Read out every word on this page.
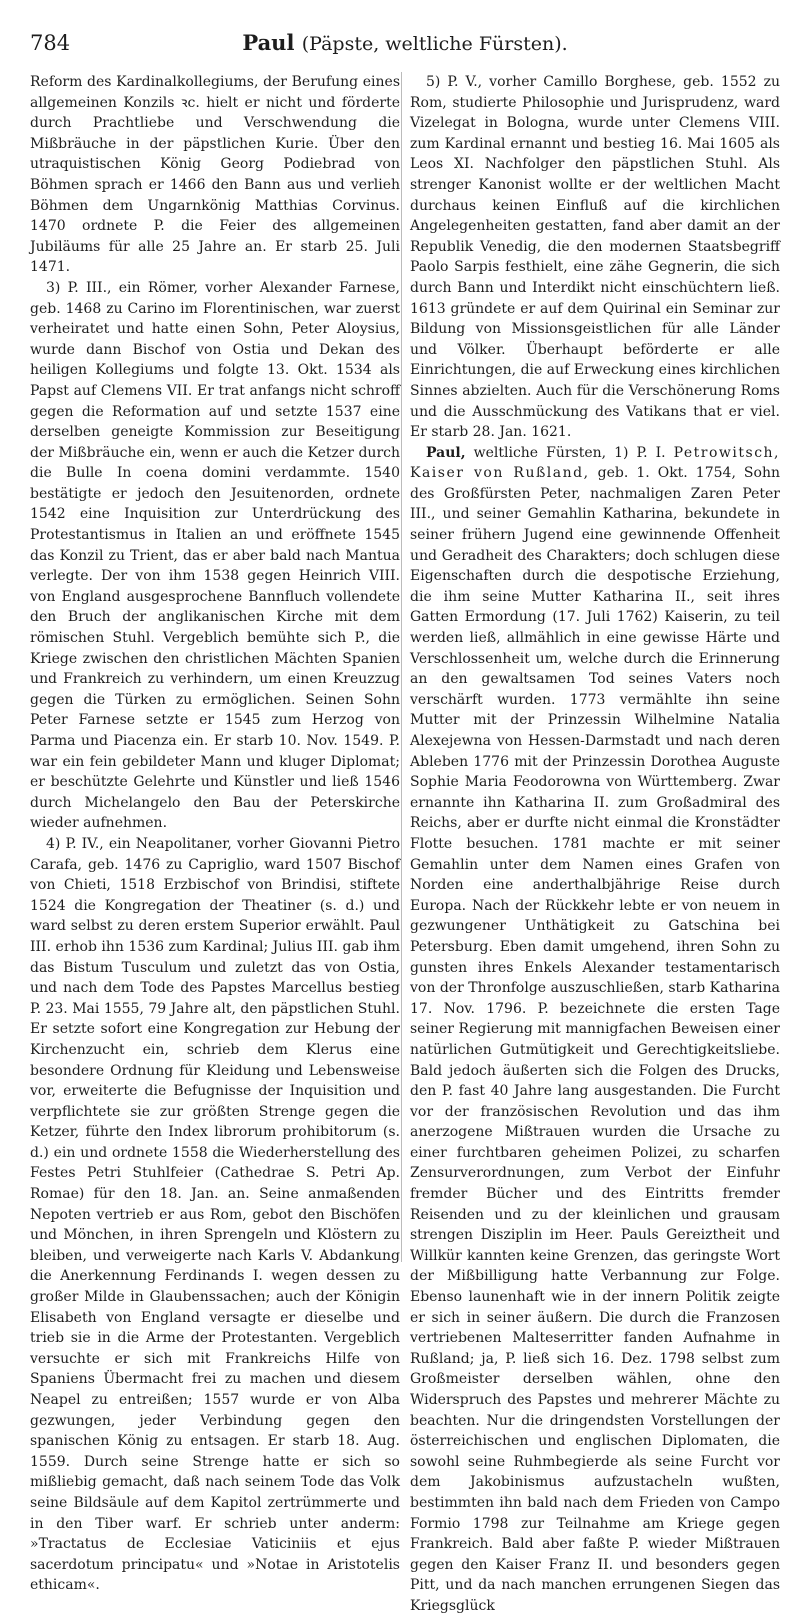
784	Paul (Päpste, weltliche Fürsten).

Reform des Kardinalkollegiums, der Berufung eines allgemeinen Konzils ꝛc. hielt er nicht und förderte durch Prachtliebe und Verschwendung die Mißbräuche in der päpstlichen Kurie. Über den utraquistischen König Georg Podiebrad von Böhmen sprach er 1466 den Bann aus und verlieh Böhmen dem Ungarnkönig Matthias Corvinus. 1470 ordnete P. die Feier des allgemeinen Jubiläums für alle 25 Jahre an. Er starb 25. Juli 1471.

3) P. III., ein Römer, vorher Alexander Farnese, geb. 1468 zu Carino im Florentinischen, war zuerst verheiratet und hatte einen Sohn, Peter Aloysius, wurde dann Bischof von Ostia und Dekan des heiligen Kollegiums und folgte 13. Okt. 1534 als Papst auf Clemens VII. Er trat anfangs nicht schroff gegen die Reformation auf und setzte 1537 eine derselben geneigte Kommission zur Beseitigung der Mißbräuche ein, wenn er auch die Ketzer durch die Bulle In coena domini verdammte. 1540 bestätigte er jedoch den Jesuitenorden, ordnete 1542 eine Inquisition zur Unterdrückung des Protestantismus in Italien an und eröffnete 1545 das Konzil zu Trient, das er aber bald nach Mantua verlegte. Der von ihm 1538 gegen Heinrich VIII. von England ausgesprochene Bannfluch vollendete den Bruch der anglikanischen Kirche mit dem römischen Stuhl. Vergeblich bemühte sich P., die Kriege zwischen den christlichen Mächten Spanien und Frankreich zu verhindern, um einen Kreuzzug gegen die Türken zu ermöglichen. Seinen Sohn Peter Farnese setzte er 1545 zum Herzog von Parma und Piacenza ein. Er starb 10. Nov. 1549. P. war ein fein gebildeter Mann und kluger Diplomat; er beschützte Gelehrte und Künstler und ließ 1546 durch Michelangelo den Bau der Peterskirche wieder aufnehmen.

4) P. IV., ein Neapolitaner, vorher Giovanni Pietro Carafa, geb. 1476 zu Capriglio, ward 1507 Bischof von Chieti, 1518 Erzbischof von Brindisi, stiftete 1524 die Kongregation der Theatiner (s. d.) und ward selbst zu deren erstem Superior erwählt. Paul III. erhob ihn 1536 zum Kardinal; Julius III. gab ihm das Bistum Tusculum und zuletzt das von Ostia, und nach dem Tode des Papstes Marcellus bestieg P. 23. Mai 1555, 79 Jahre alt, den päpstlichen Stuhl. Er setzte sofort eine Kongregation zur Hebung der Kirchenzucht ein, schrieb dem Klerus eine besondere Ordnung für Kleidung und Lebensweise vor, erweiterte die Befugnisse der Inquisition und verpflichtete sie zur größten Strenge gegen die Ketzer, führte den Index librorum prohibitorum (s. d.) ein und ordnete 1558 die Wiederherstellung des Festes Petri Stuhlfeier (Cathedrae S. Petri Ap. Romae) für den 18. Jan. an. Seine anmaßenden Nepoten vertrieb er aus Rom, gebot den Bischöfen und Mönchen, in ihren Sprengeln und Klöstern zu bleiben, und verweigerte nach Karls V. Abdankung die Anerkennung Ferdinands I. wegen dessen zu großer Milde in Glaubenssachen; auch der Königin Elisabeth von England versagte er dieselbe und trieb sie in die Arme der Protestanten. Vergeblich versuchte er sich mit Frankreichs Hilfe von Spaniens Übermacht frei zu machen und diesem Neapel zu entreißen; 1557 wurde er von Alba gezwungen, jeder Verbindung gegen den spanischen König zu entsagen. Er starb 18. Aug. 1559. Durch seine Strenge hatte er sich so mißliebig gemacht, daß nach seinem Tode das Volk seine Bildsäule auf dem Kapitol zertrümmerte und in den Tiber warf. Er schrieb unter anderm: »Tractatus de Ecclesiae Vaticiniis et ejus sacerdotum principatu« und »Notae in Aristotelis ethicam«.

5) P. V., vorher Camillo Borghese, geb. 1552 zu Rom, studierte Philosophie und Jurisprudenz, ward Vizelegat in Bologna, wurde unter Clemens VIII. zum Kardinal ernannt und bestieg 16. Mai 1605 als Leos XI. Nachfolger den päpstlichen Stuhl. Als strenger Kanonist wollte er der weltlichen Macht durchaus keinen Einfluß auf die kirchlichen Angelegenheiten gestatten, fand aber damit an der Republik Venedig, die den modernen Staatsbegriff Paolo Sarpis festhielt, eine zähe Gegnerin, die sich durch Bann und Interdikt nicht einschüchtern ließ. 1613 gründete er auf dem Quirinal ein Seminar zur Bildung von Missionsgeistlichen für alle Länder und Völker. Überhaupt beförderte er alle Einrichtungen, die auf Erweckung eines kirchlichen Sinnes abzielten. Auch für die Verschönerung Roms und die Ausschmückung des Vatikans that er viel. Er starb 28. Jan. 1621.

Paul, weltliche Fürsten, 1) P. I. Petrowitsch, Kaiser von Rußland, geb. 1. Okt. 1754, Sohn des Großfürsten Peter, nachmaligen Zaren Peter III., und seiner Gemahlin Katharina, bekundete in seiner frühern Jugend eine gewinnende Offenheit und Geradheit des Charakters; doch schlugen diese Eigenschaften durch die despotische Erziehung, die ihm seine Mutter Katharina II., seit ihres Gatten Ermordung (17. Juli 1762) Kaiserin, zu teil werden ließ, allmählich in eine gewisse Härte und Verschlossenheit um, welche durch die Erinnerung an den gewaltsamen Tod seines Vaters noch verschärft wurden. 1773 vermählte ihn seine Mutter mit der Prinzessin Wilhelmine Natalia Alexejewna von Hessen-Darmstadt und nach deren Ableben 1776 mit der Prinzessin Dorothea Auguste Sophie Maria Feodorowna von Württemberg. Zwar ernannte ihn Katharina II. zum Großadmiral des Reichs, aber er durfte nicht einmal die Kronstädter Flotte besuchen. 1781 machte er mit seiner Gemahlin unter dem Namen eines Grafen von Norden eine anderthalbjährige Reise durch Europa. Nach der Rückkehr lebte er von neuem in gezwungener Unthätigkeit zu Gatschina bei Petersburg. Eben damit umgehend, ihren Sohn zu gunsten ihres Enkels Alexander testamentarisch von der Thronfolge auszuschließen, starb Katharina 17. Nov. 1796. P. bezeichnete die ersten Tage seiner Regierung mit mannigfachen Beweisen einer natürlichen Gutmütigkeit und Gerechtigkeitsliebe. Bald jedoch äußerten sich die Folgen des Drucks, den P. fast 40 Jahre lang ausgestanden. Die Furcht vor der französischen Revolution und das ihm anerzogene Mißtrauen wurden die Ursache zu einer furchtbaren geheimen Polizei, zu scharfen Zensurverordnungen, zum Verbot der Einfuhr fremder Bücher und des Eintritts fremder Reisenden und zu der kleinlichen und grausam strengen Disziplin im Heer. Pauls Gereiztheit und Willkür kannten keine Grenzen, das geringste Wort der Mißbilligung hatte Verbannung zur Folge. Ebenso launenhaft wie in der innern Politik zeigte er sich in seiner äußern. Die durch die Franzosen vertriebenen Malteserritter fanden Aufnahme in Rußland; ja, P. ließ sich 16. Dez. 1798 selbst zum Großmeister derselben wählen, ohne den Widerspruch des Papstes und mehrerer Mächte zu beachten. Nur die dringendsten Vorstellungen der österreichischen und englischen Diplomaten, die sowohl seine Ruhmbegierde als seine Furcht vor dem Jakobinismus aufzustacheln wußten, bestimmten ihn bald nach dem Frieden von Campo Formio 1798 zur Teilnahme am Kriege gegen Frankreich. Bald aber faßte P. wieder Mißtrauen gegen den Kaiser Franz II. und besonders gegen Pitt, und da nach manchen errungenen Siegen das Kriegsglück
